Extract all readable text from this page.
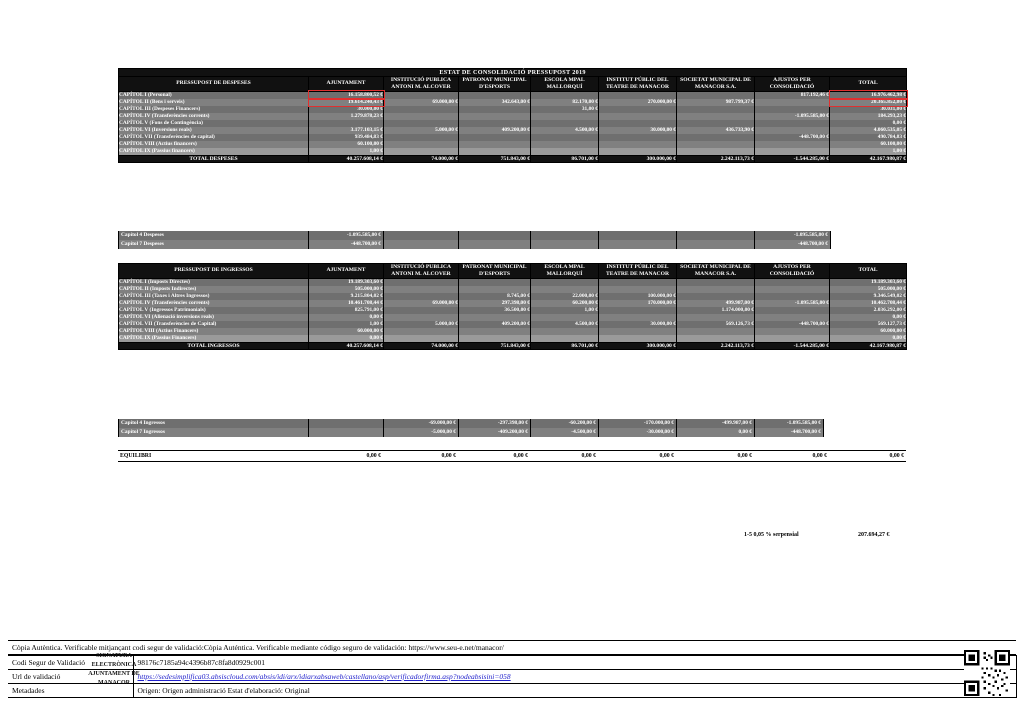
ESTAT DE CONSOLIDACIÓ PRESSUPOST 2019								
PRESSUPOST DE DESPESES	AJUNTAMENT	INSTITUCIÓ PUBLICA ANTONI M. ALCOVER	PATRONAT MUNICIPAL D'ESPORTS	ESCOLA MPAL MALLORQUÍ	INSTITUT PÚBLIC DEL TEATRE DE MANACOR	SOCIETAT MUNICIPAL DE MANACOR S.A.	AJUSTOS PER CONSOLIDACIÓ	TOTAL
CAPÍTOL I (Personal)	16.158.800,52 €						817.192,46 €	16.976.462,98 €
CAPÍTOL II (Bens i serveis)	19.614.240,43 €	69.000,00 €	342.643,00 €	82.170,00 €	270.000,00 €	987.799,37 €		20.365.852,80 €
CAPÍTOL III (Despeses Financers)	30.000,00 €			31,00 €				30.031,00 €
CAPÍTOL IV (Transferències corrents)	1.279.878,23 €						-1.095.585,00 €	184.293,23 €
CAPÍTOL V (Fons de Contingència)								0,00 €
CAPÍTOL VI (Inversions reals)	3.177.103,15 €	5.000,00 €	409.200,00 €	4.500,00 €	30.000,00 €	436.733,90 €		4.060.535,05 €
CAPÍTOL VII (Transferències de capital)	939.484,83 €						-448.700,00 €	490.784,83 €
CAPÍTOL VIII (Actius financers)	60.100,00 €							60.100,00 €
CAPÍTOL IX (Passius financers)	1,00 €							1,00 €
TOTAL DESPESES	40.257.608,14 €	74.000,00 €	751.843,00 €	86.701,00 €	300.000,00 €	2.242.113,73 €	-1.544.285,00 €	42.167.980,87 €
Capítol 4 Despeses	-1.095.585,00 €						-1.095.585,00 €
Capítol 7 Despeses	-448.700,00 €						-448.700,00 €
PRESSUPOST DE INGRESSOS	AJUNTAMENT	INSTITUCIÓ PUBLICA ANTONI M. ALCOVER	PATRONAT MUNICIPAL D'ESPORTS	ESCOLA MPAL MALLORQUÍ	INSTITUT PÚBLIC DEL TEATRE DE MANACOR	SOCIETAT MUNICIPAL DE MANACOR S.A.	AJUSTOS PER CONSOLIDACIÓ	TOTAL
CAPÍTOL I (Imposts Directes)	19.189.303,60 €							19.189.303,60 €
CAPÍTOL II (Imposts Indirectes)	505.000,00 €							505.000,00 €
CAPÍTOL III (Taxes i Altres Ingressos)	9.215.804,02 €		8.745,00 €	22.000,00 €	100.000,00 €			9.346.549,02 €
CAPÍTOL IV (Transferències corrents)	10.461.708,44 €	69.000,00 €	297.398,00 €	60.200,00 €	170.000,00 €	499.987,00 €	-1.095.585,00 €	10.462.708,44 €
CAPÍTOL V (Ingressos Patrimonials)	825.791,00 €		36.500,00 €	1,00 €		1.174.000,00 €		2.036.292,00 €
CAPÍTOL VI (Alienació inversions reals)	0,00 €							0,00 €
CAPÍTOL VII (Transferències de Capital)	1,00 €	5.000,00 €	409.200,00 €	4.500,00 €	30.000,00 €	569.126,73 €	-448.700,00 €	569.127,73 €
CAPÍTOL VIII (Actius Financers)	60.000,00 €							60.000,00 €
CAPÍTOL IX (Passius Financers)	0,00 €							0,00 €
TOTAL INGRESSOS	40.257.608,14 €	74.000,00 €	751.843,00 €	86.701,00 €	300.000,00 €	2.242.113,73 €	-1.544.285,00 €	42.167.980,87 €
Capítol 4 Ingressos		-69.000,00 €	-297.398,00 €	-60.200,00 €	-170.000,00 €	-499.987,00 €	-1.095.585,00 €
Capítol 7 Ingressos		-5.000,00 €	-409.200,00 €	-4.500,00 €	-30.000,00 €	0,00 €	-448.700,00 €
EQUILIBRI	0,00 €	0,00 €	0,00 €	0,00 €	0,00 €	0,00 €	0,00 €	0,00 €
1-5 0,05 % serpensial	207.694,27 €
Còpia Autèntica. Verificable mitjançant codi segur de validació:Còpia Auténtica. Verificable mediante código seguro de validación: https://www.seu-e.net/manacor/
Codi Segur de Validació	98176c7185a94c4396b87c8fa8d0929c001
Url de validació	https://sedesimplifica03.absiscloud.com/absis/idi/arx/idiarxabsaweb/castellano/asp/verificadorfirma.asp?nodeabsisini=058
Metadades	Origen: Origen administració Estat d'elaboració: Original
SIGNATURA ELECTRÒNICA AJUNTAMENT DE MANACOR
